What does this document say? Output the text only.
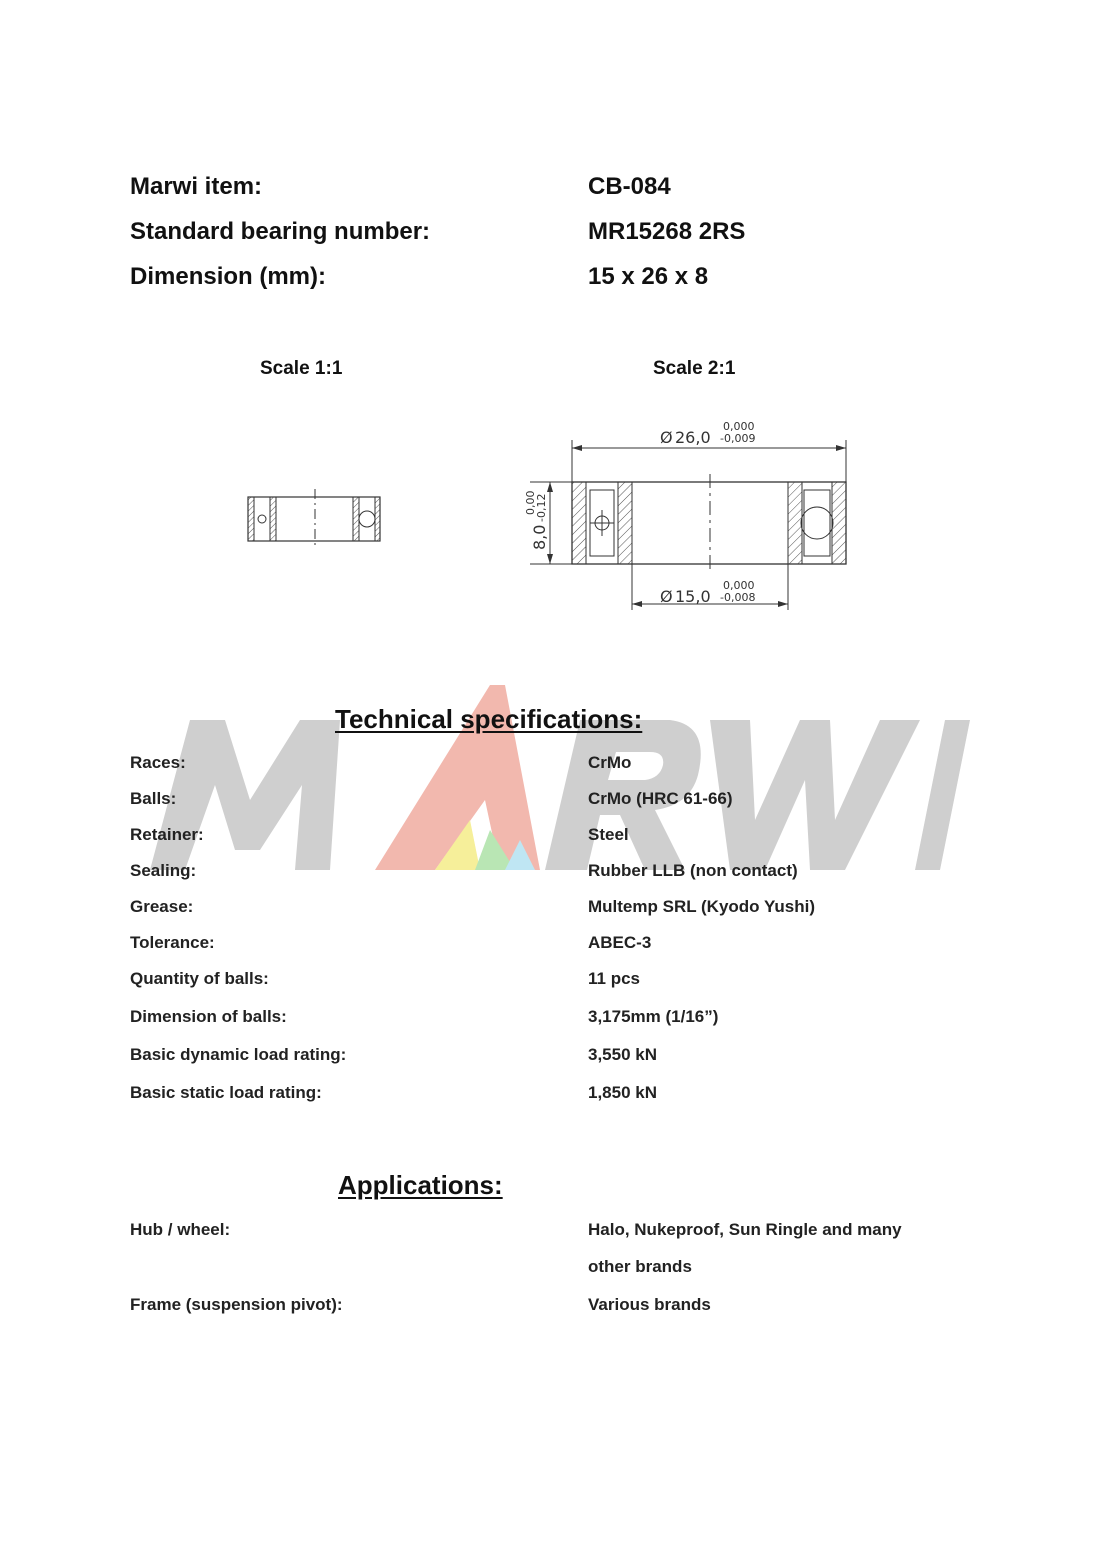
Marwi item:	CB-084
Standard bearing number:	MR15268 2RS
Dimension (mm):	15 x 26 x 8
Scale 1:1	Scale 2:1
Ø 26,0
0,000
-0,009
8,0
0,00
-0,12
Ø 15,0
0,000
-0,008
Technical specifications:
Races:	CrMo
Balls:	CrMo (HRC 61-66)
Retainer:	Steel
Sealing:	Rubber LLB (non contact)
Grease:	Multemp SRL (Kyodo Yushi)
Tolerance:	ABEC-3
Quantity of balls:	11 pcs
Dimension of balls:	3,175mm (1/16”)
Basic dynamic load rating:	3,550 kN
Basic static load rating:	1,850 kN
Applications:
Hub / wheel:	Halo, Nukeproof, Sun Ringle and many
other brands
Frame (suspension pivot):	Various brands
